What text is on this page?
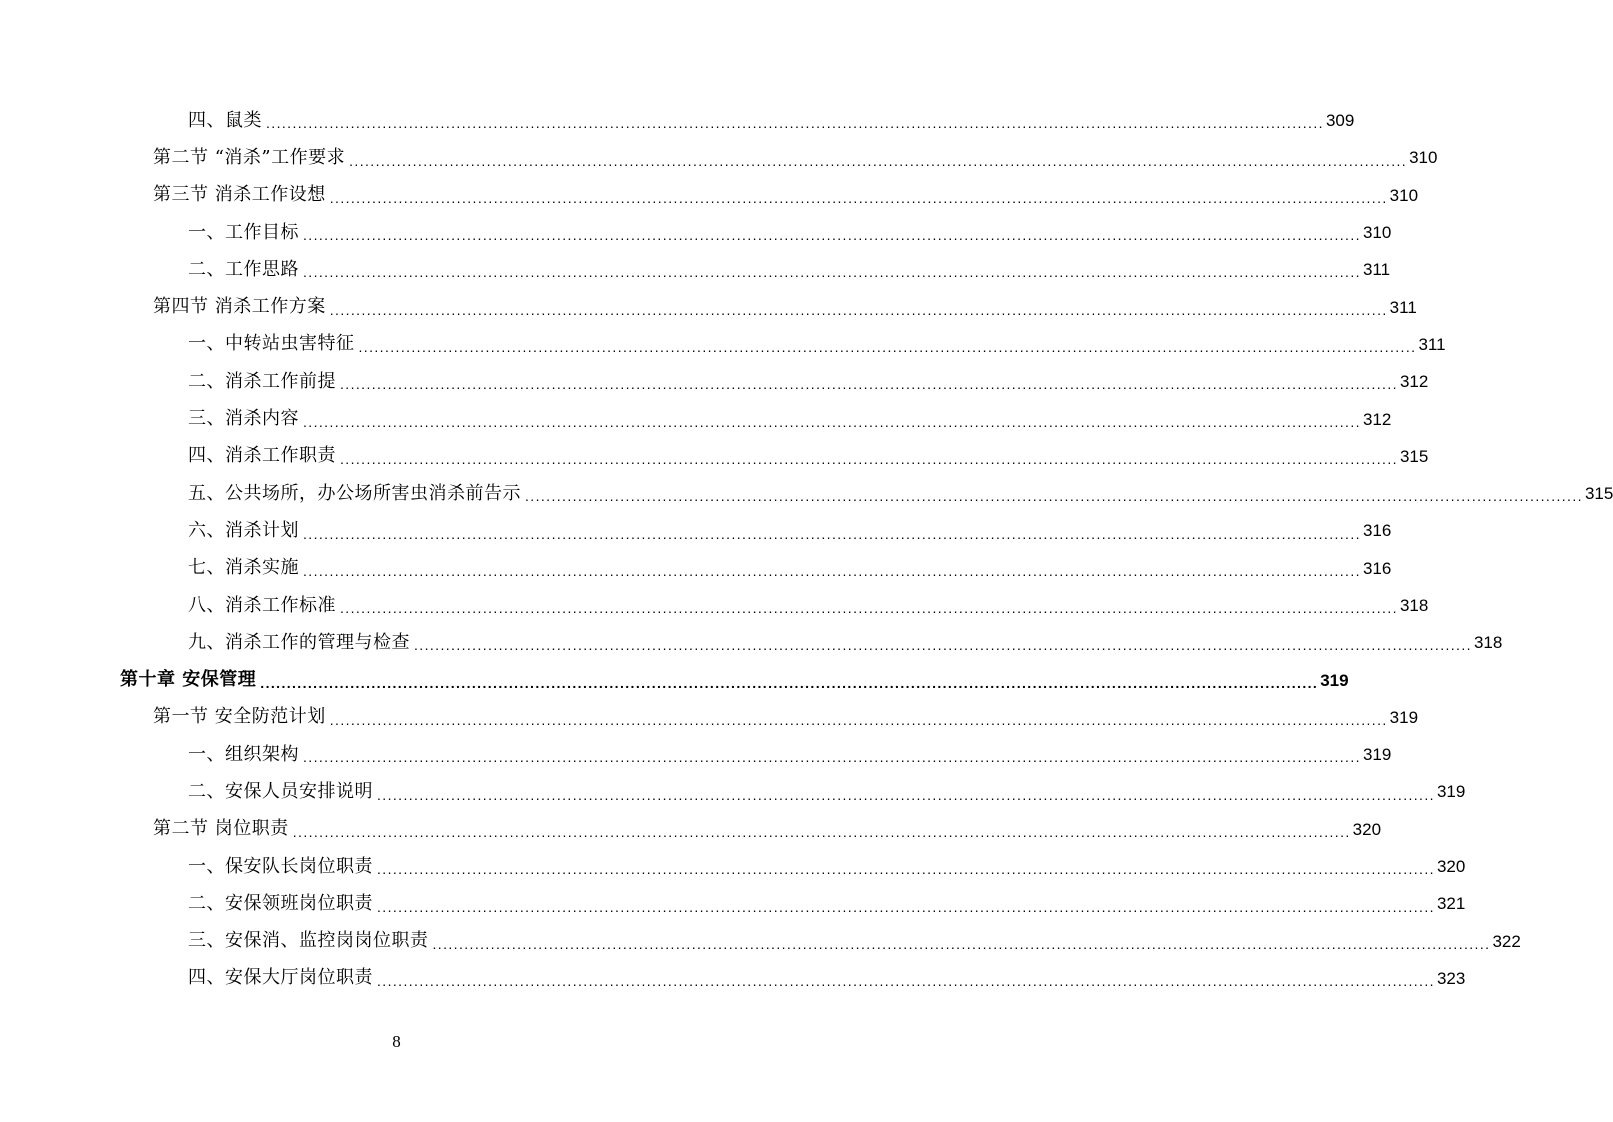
四、鼠类 ........................................................................................................................................................................................................ 309
第二节 “消杀”工作要求 ........................................................................................................................................................................................................ 310
第三节 消杀工作设想 ........................................................................................................................................................................................................ 310
一、工作目标 ........................................................................................................................................................................................................ 310
二、工作思路 ........................................................................................................................................................................................................ 311
第四节 消杀工作方案 ........................................................................................................................................................................................................ 311
一、中转站虫害特征 ........................................................................................................................................................................................................ 311
二、消杀工作前提 ........................................................................................................................................................................................................ 312
三、消杀内容 ........................................................................................................................................................................................................ 312
四、消杀工作职责 ........................................................................................................................................................................................................ 315
五、公共场所，办公场所害虫消杀前告示 ........................................................................................................................................................................................................ 315
六、消杀计划 ........................................................................................................................................................................................................ 316
七、消杀实施 ........................................................................................................................................................................................................ 316
八、消杀工作标准 ........................................................................................................................................................................................................ 318
九、消杀工作的管理与检查 ........................................................................................................................................................................................................ 318
第十章 安保管理 ........................................................................................................................................................................................................ 319
第一节 安全防范计划 ........................................................................................................................................................................................................ 319
一、组织架构 ........................................................................................................................................................................................................ 319
二、安保人员安排说明 ........................................................................................................................................................................................................ 319
第二节 岗位职责 ........................................................................................................................................................................................................ 320
一、保安队长岗位职责 ........................................................................................................................................................................................................ 320
二、安保领班岗位职责 ........................................................................................................................................................................................................ 321
三、安保消、监控岗岗位职责 ........................................................................................................................................................................................................ 322
四、安保大厅岗位职责 ........................................................................................................................................................................................................ 323
8
